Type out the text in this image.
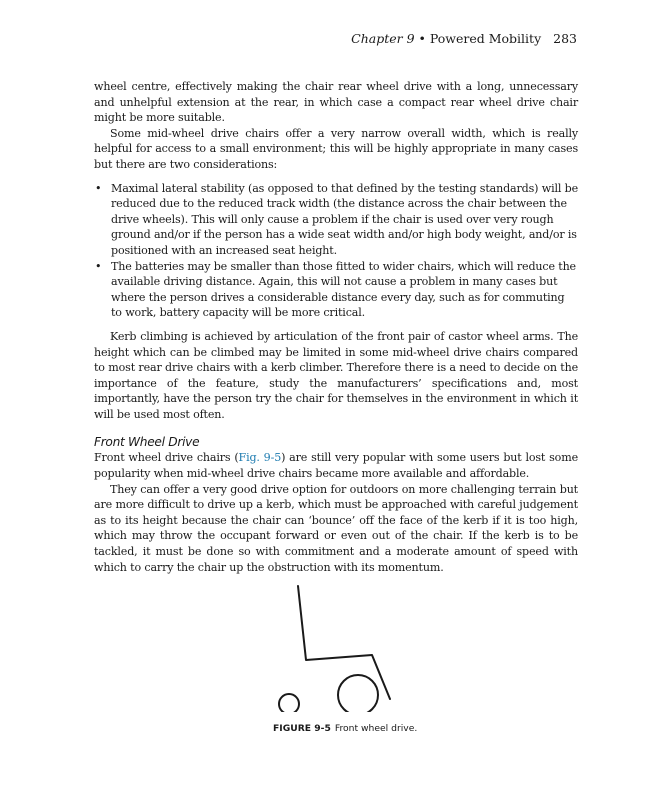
Chapter 9 • Powered Mobility 283

wheel centre, effectively making the chair rear wheel drive with a long, unnecessary and unhelpful extension at the rear, in which case a compact rear wheel drive chair might be more suitable.

Some mid-wheel drive chairs offer a very narrow overall width, which is really helpful for access to a small environment; this will be highly appropriate in many cases but there are two considerations:

• Maximal lateral stability (as opposed to that defined by the testing standards) will be reduced due to the reduced track width (the distance across the chair between the drive wheels). This will only cause a problem if the chair is used over very rough ground and/or if the person has a wide seat width and/or high body weight, and/or is positioned with an increased seat height.
• The batteries may be smaller than those fitted to wider chairs, which will reduce the available driving distance. Again, this will not cause a problem in many cases but where the person drives a considerable distance every day, such as for commuting to work, battery capacity will be more critical.

Kerb climbing is achieved by articulation of the front pair of castor wheel arms. The height which can be climbed may be limited in some mid-wheel drive chairs compared to most rear drive chairs with a kerb climber. Therefore there is a need to decide on the importance of the feature, study the manufacturers’ specifications and, most importantly, have the person try the chair for themselves in the environment in which it will be used most often.

Front Wheel Drive

Front wheel drive chairs (Fig. 9-5) are still very popular with some users but lost some popularity when mid-wheel drive chairs became more available and affordable.

They can offer a very good drive option for outdoors on more challenging terrain but are more difficult to drive up a kerb, which must be approached with careful judgement as to its height because the chair can ‘bounce’ off the face of the kerb if it is too high, which may throw the occupant forward or even out of the chair. If the kerb is to be tackled, it must be done so with commitment and a moderate amount of speed with which to carry the chair up the obstruction with its momentum.

FIGURE 9-5 Front wheel drive.
